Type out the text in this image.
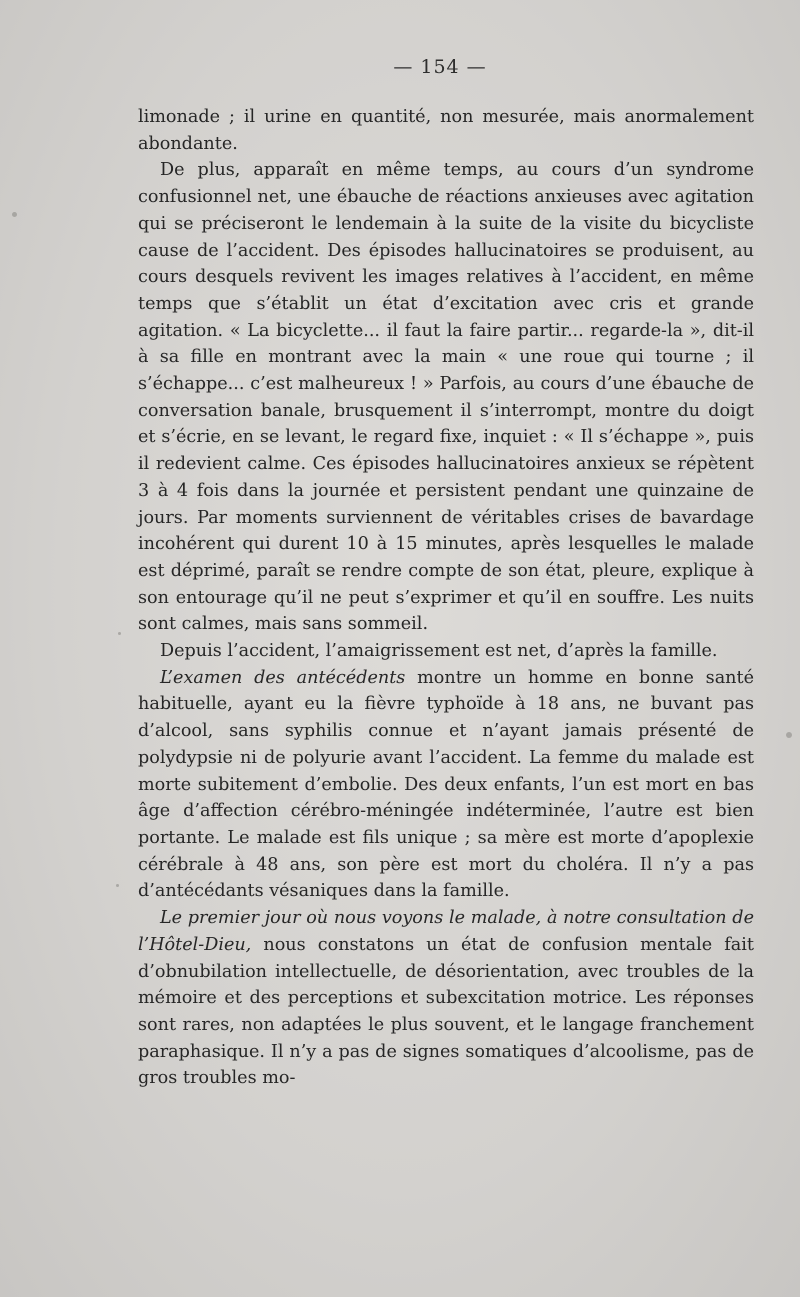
— 154 —

limonade ; il urine en quantité, non mesurée, mais anormalement abondante.

De plus, apparaît en même temps, au cours d’un syndrome confusionnel net, une ébauche de réactions anxieuses avec agitation qui se préciseront le lendemain à la suite de la visite du bicycliste cause de l’accident. Des épisodes hallucinatoires se produisent, au cours desquels revivent les images relatives à l’accident, en même temps que s’établit un état d’excitation avec cris et grande agitation. « La bicyclette... il faut la faire partir... regarde-la », dit-il à sa fille en montrant avec la main « une roue qui tourne ; il s’échappe... c’est malheureux ! » Parfois, au cours d’une ébauche de conversation banale, brusquement il s’interrompt, montre du doigt et s’écrie, en se levant, le regard fixe, inquiet : « Il s’échappe », puis il redevient calme. Ces épisodes hallucinatoires anxieux se répètent 3 à 4 fois dans la journée et persistent pendant une quinzaine de jours. Par moments surviennent de véritables crises de bavardage incohérent qui durent 10 à 15 minutes, après lesquelles le malade est déprimé, paraît se rendre compte de son état, pleure, explique à son entourage qu’il ne peut s’exprimer et qu’il en souffre. Les nuits sont calmes, mais sans sommeil.

Depuis l’accident, l’amaigrissement est net, d’après la famille.

L’examen des antécédents montre un homme en bonne santé habituelle, ayant eu la fièvre typhoïde à 18 ans, ne buvant pas d’alcool, sans syphilis connue et n’ayant jamais présenté de polydypsie ni de polyurie avant l’accident. La femme du malade est morte subitement d’embolie. Des deux enfants, l’un est mort en bas âge d’affection cérébro-méningée indéterminée, l’autre est bien portante. Le malade est fils unique ; sa mère est morte d’apoplexie cérébrale à 48 ans, son père est mort du choléra. Il n’y a pas d’antécédants vésaniques dans la famille.

Le premier jour où nous voyons le malade, à notre consultation de l’Hôtel-Dieu, nous constatons un état de confusion mentale fait d’obnubilation intellectuelle, de désorientation, avec troubles de la mémoire et des perceptions et subexcitation motrice. Les réponses sont rares, non adaptées le plus souvent, et le langage franchement paraphasique. Il n’y a pas de signes somatiques d’alcoolisme, pas de gros troubles mo-
